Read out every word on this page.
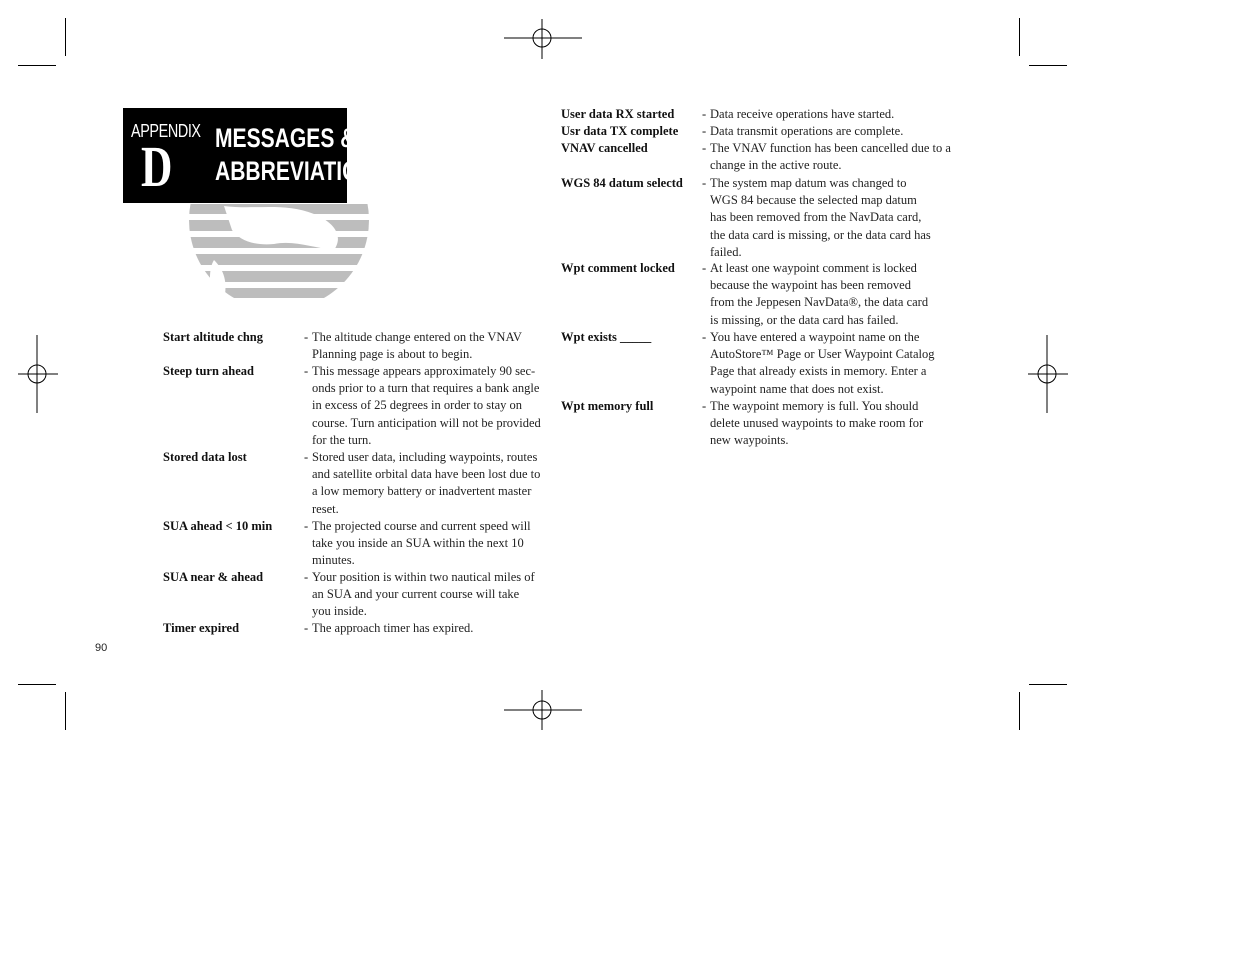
APPENDIX
D MESSAGES &
ABBREVIATIONS
Start altitude chng	- The altitude change entered on the VNAV
Planning page is about to begin.
Steep turn ahead	- This message appears approximately 90 sec-
onds prior to a turn that requires a bank angle
in excess of 25 degrees in order to stay on
course. Turn anticipation will not be provided
for the turn.
Stored data lost	- Stored user data, including waypoints, routes
and satellite orbital data have been lost due to
a low memory battery or inadvertent master
reset.
SUA ahead < 10 min	- The projected course and current speed will
take you inside an SUA within the next 10
minutes.
SUA near & ahead	- Your position is within two nautical miles of
an SUA and your current course will take
you inside.
Timer expired	- The approach timer has expired.
User data RX started - Data receive operations have started.
Usr data TX complete - Data transmit operations are complete.
VNAV cancelled	- The VNAV function has been cancelled due to a
change in the active route.
WGS 84 datum selectd - The system map datum was changed to
WGS 84 because the selected map datum
has been removed from the NavData card,
the data card is missing, or the data card has
failed.
Wpt comment locked - At least one waypoint comment is locked
because the waypoint has been removed
from the Jeppesen NavData®, the data card
is missing, or the data card has failed.
Wpt exists _____	- You have entered a waypoint name on the
AutoStore™ Page or User Waypoint Catalog
Page that already exists in memory. Enter a
waypoint name that does not exist.
Wpt memory full	- The waypoint memory is full. You should
delete unused waypoints to make room for
new waypoints.
90
